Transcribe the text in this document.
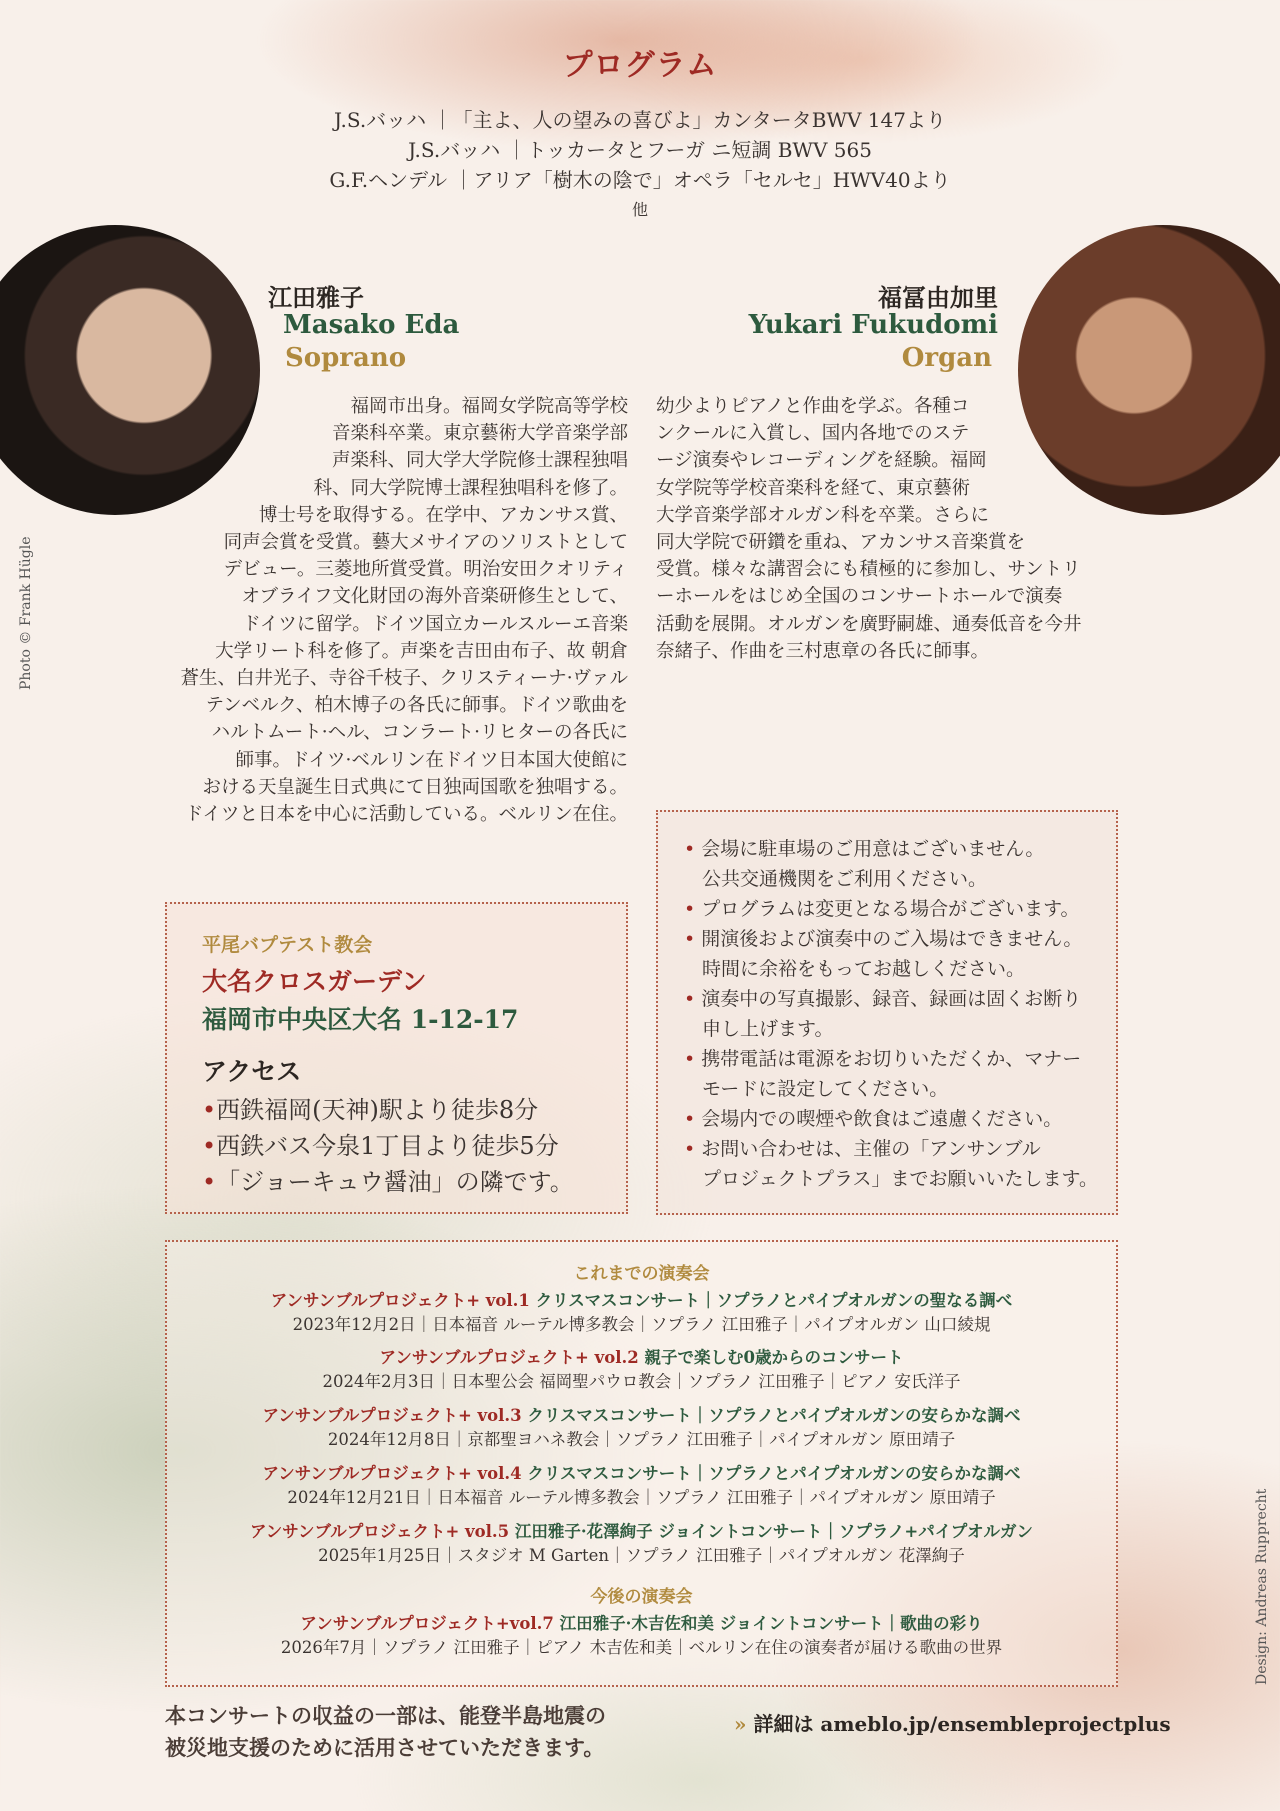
プログラム
J.S.バッハ ｜「主よ、人の望みの喜びよ」カンタータBWV 147より
J.S.バッハ ｜トッカータとフーガ ニ短調 BWV 565
G.F.ヘンデル ｜アリア「樹木の陰で」オペラ「セルセ」HWV40より
他
Photo © Frank Hügle
江田雅子
Masako Eda
Soprano
福冨由加里
Yukari Fukudomi
Organ
福岡市出身。福岡女学院高等学校
音楽科卒業。東京藝術大学音楽学部
声楽科、同大学大学院修士課程独唱
科、同大学院博士課程独唱科を修了。
博士号を取得する。在学中、アカンサス賞、
同声会賞を受賞。藝大メサイアのソリストとして
デビュー。三菱地所賞受賞。明治安田クオリティ
オブライフ文化財団の海外音楽研修生として、
ドイツに留学。ドイツ国立カールスルーエ音楽
大学リート科を修了。声楽を吉田由布子、故 朝倉
蒼生、白井光子、寺谷千枝子、クリスティーナ·ヴァル
テンベルク、柏木博子の各氏に師事。ドイツ歌曲を
ハルトムート·ヘル、コンラート·リヒターの各氏に
師事。ドイツ·ベルリン在ドイツ日本国大使館に
おける天皇誕生日式典にて日独両国歌を独唱する。
ドイツと日本を中心に活動している。ベルリン在住。
幼少よりピアノと作曲を学ぶ。各種コ
ンクールに入賞し、国内各地でのステ
ージ演奏やレコーディングを経験。福岡
女学院等学校音楽科を経て、東京藝術
大学音楽学部オルガン科を卒業。さらに
同大学院で研鑽を重ね、アカンサス音楽賞を
受賞。様々な講習会にも積極的に参加し、サントリ
ーホールをはじめ全国のコンサートホールで演奏
活動を展開。オルガンを廣野嗣雄、通奏低音を今井
奈緒子、作曲を三村恵章の各氏に師事。
• 会場に駐車場のご用意はございません。
公共交通機関をご利用ください。
• プログラムは変更となる場合がございます。
• 開演後および演奏中のご入場はできません。
時間に余裕をもってお越しください。
• 演奏中の写真撮影、録音、録画は固くお断り
申し上げます。
• 携帯電話は電源をお切りいただくか、マナー
モードに設定してください。
• 会場内での喫煙や飲食はご遠慮ください。
• お問い合わせは、主催の「アンサンブル
プロジェクトプラス」までお願いいたします。
平尾バプテスト教会
大名クロスガーデン
福岡市中央区大名 1-12-17
アクセス
•西鉄福岡(天神)駅より徒歩8分
•西鉄バス今泉1丁目より徒歩5分
•「ジョーキュウ醤油」の隣です。
これまでの演奏会
アンサンブルプロジェクト+ vol.1 クリスマスコンサート｜ソプラノとパイプオルガンの聖なる調べ
2023年12月2日｜日本福音 ルーテル博多教会｜ソプラノ 江田雅子｜パイプオルガン 山口綾規
アンサンブルプロジェクト+ vol.2 親子で楽しむ0歳からのコンサート
2024年2月3日｜日本聖公会 福岡聖パウロ教会｜ソプラノ 江田雅子｜ピアノ 安氏洋子
アンサンブルプロジェクト+ vol.3 クリスマスコンサート｜ソプラノとパイプオルガンの安らかな調べ
2024年12月8日｜京都聖ヨハネ教会｜ソプラノ 江田雅子｜パイプオルガン 原田靖子
アンサンブルプロジェクト+ vol.4 クリスマスコンサート｜ソプラノとパイプオルガンの安らかな調べ
2024年12月21日｜日本福音 ルーテル博多教会｜ソプラノ 江田雅子｜パイプオルガン 原田靖子
アンサンブルプロジェクト+ vol.5 江田雅子·花澤絢子 ジョイントコンサート｜ソプラノ+パイプオルガン
2025年1月25日｜スタジオ M Garten｜ソプラノ 江田雅子｜パイプオルガン 花澤絢子
今後の演奏会
アンサンブルプロジェクト+vol.7 江田雅子·木吉佐和美 ジョイントコンサート｜歌曲の彩り
2026年7月｜ソプラノ 江田雅子｜ピアノ 木吉佐和美｜ベルリン在住の演奏者が届ける歌曲の世界
本コンサートの収益の一部は、能登半島地震の
被災地支援のために活用させていただきます。
» 詳細は ameblo.jp/ensembleprojectplus
Design: Andreas Rupprecht
